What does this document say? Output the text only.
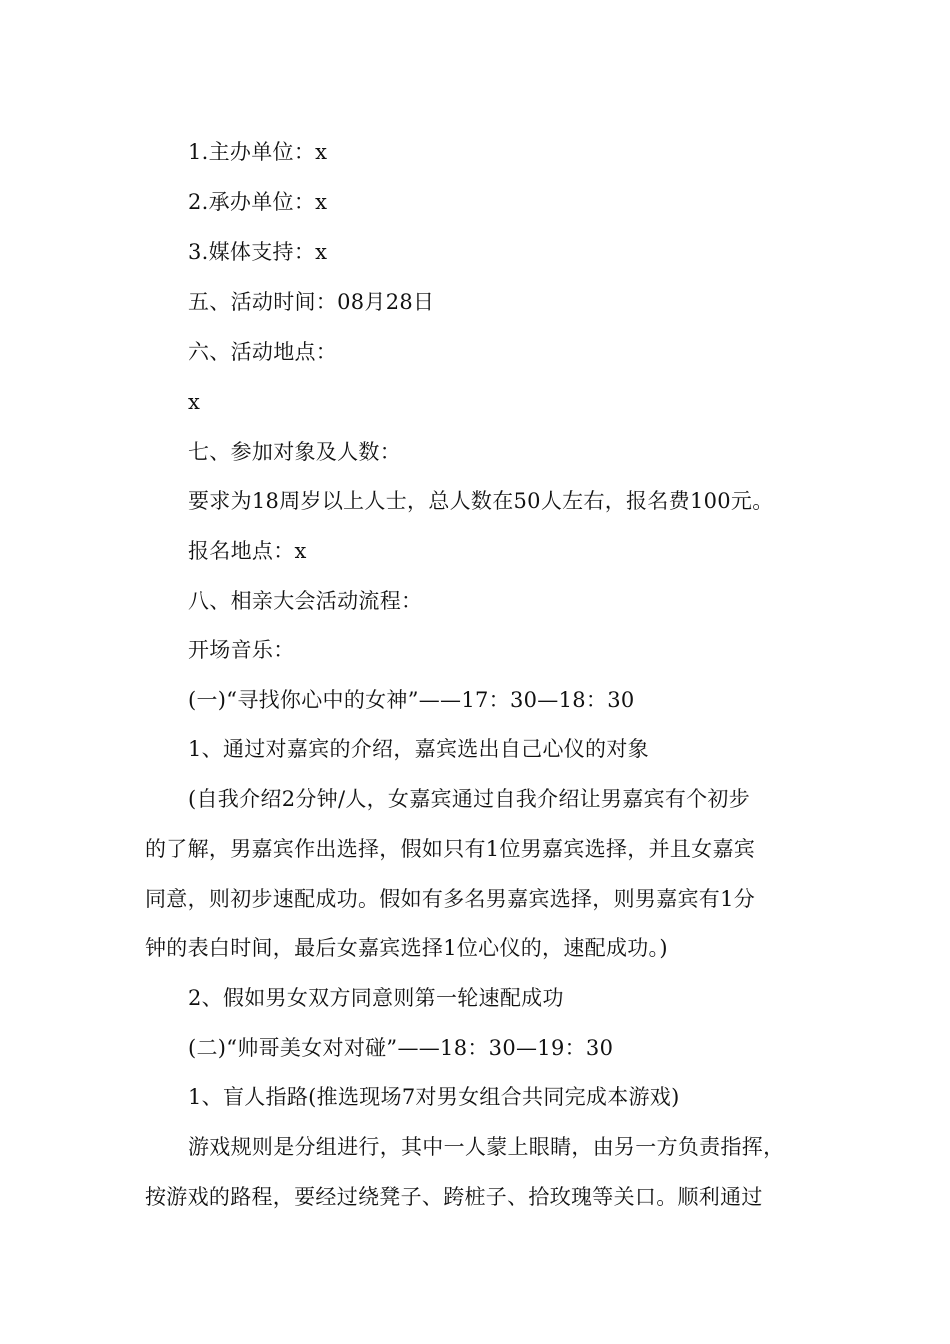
1.主办单位：x
2.承办单位：x
3.媒体支持：x
五、活动时间：08月28日
六、活动地点：
x
七、参加对象及人数：
要求为18周岁以上人士，总人数在50人左右，报名费100元。
报名地点：x
八、相亲大会活动流程：
开场音乐：
(一)“寻找你心中的女神”——17：30—18：30
1、通过对嘉宾的介绍，嘉宾选出自己心仪的对象
(自我介绍2分钟/人，女嘉宾通过自我介绍让男嘉宾有个初步
的了解，男嘉宾作出选择，假如只有1位男嘉宾选择，并且女嘉宾
同意，则初步速配成功。假如有多名男嘉宾选择，则男嘉宾有1分
钟的表白时间，最后女嘉宾选择1位心仪的，速配成功。)
2、假如男女双方同意则第一轮速配成功
(二)“帅哥美女对对碰”——18：30—19：30
1、盲人指路(推选现场7对男女组合共同完成本游戏)
游戏规则是分组进行，其中一人蒙上眼睛，由另一方负责指挥，
按游戏的路程，要经过绕凳子、跨桩子、拾玫瑰等关口。顺利通过
